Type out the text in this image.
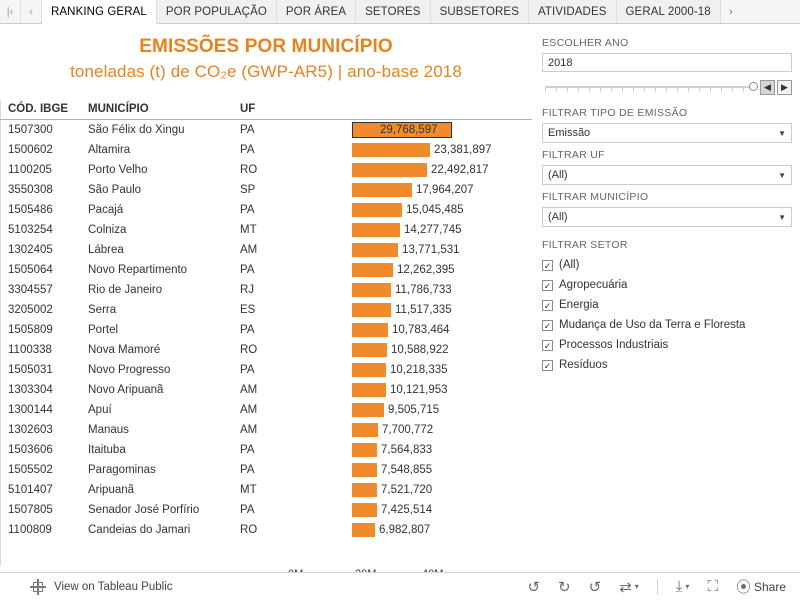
|‹	‹	RANKING GERAL	POR POPULAÇÃO	POR ÁREA	SETORES	SUBSETORES	ATIVIDADES	GERAL 2000-18	›
EMISSÕES POR MUNICÍPIO
toneladas (t) de CO₂e (GWP-AR5) | ano-base 2018
CÓD. IBGE	MUNICÍPIO	UF	
1507300	São Félix do Xingu	PA	29,768,597

1500602	Altamira	PA	23,381,897

1100205	Porto Velho	RO	22,492,817

3550308	São Paulo	SP	17,964,207

1505486	Pacajá	PA	15,045,485

5103254	Colniza	MT	14,277,745

1302405	Lábrea	AM	13,771,531

1505064	Novo Repartimento	PA	12,262,395

3304557	Rio de Janeiro	RJ	11,786,733

3205002	Serra	ES	11,517,335

1505809	Portel	PA	10,783,464

1100338	Nova Mamoré	RO	10,588,922

1505031	Novo Progresso	PA	10,218,335

1303304	Novo Aripuanã	AM	10,121,953

1300144	Apuí	AM	9,505,715

1302603	Manaus	AM	7,700,772

1503606	Itaituba	PA	7,564,833

1505502	Paragominas	PA	7,548,855

5101407	Aripuanã	MT	7,521,720

1507805	Senador José Porfírio	PA	7,425,514

1100809	Candeias do Jamari	RO	6,982,807
ESCOLHER ANO
2018
◀	▶
FILTRAR TIPO DE EMISSÃO
Emissão	▼
FILTRAR UF
(All)	▼
FILTRAR MUNICÍPIO
(All)	▼
FILTRAR SETOR
✓ (All)
✓ Agropecuária
✓ Energia
✓ Mudança de Uso da Terra e Floresta
✓ Processos Industriais
✓ Resíduos
View on Tableau Public	↺ ↻ ↺ ⇄ ▾ ⤓ ▾ ⛶ ⦿ Share
